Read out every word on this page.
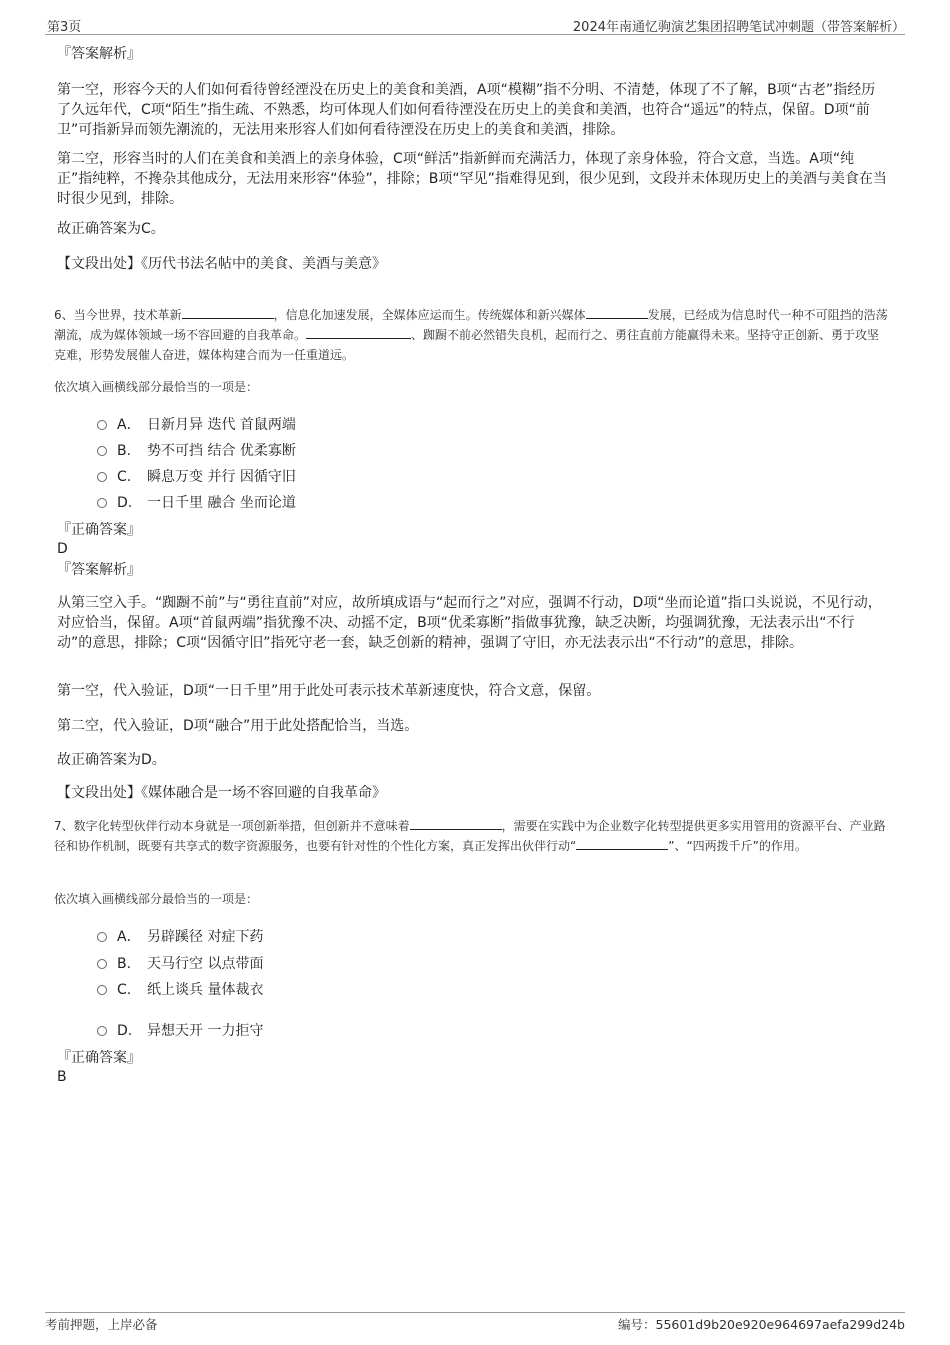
第3页	2024年南通忆驹演艺集团招聘笔试冲刺题（带答案解析）
『答案解析』
第一空，形容今天的人们如何看待曾经湮没在历史上的美食和美酒，A项“模糊”指不分明、不清楚，体现了不了解，B项“古老”指经历了久远年代，C项“陌生”指生疏、不熟悉，均可体现人们如何看待湮没在历史上的美食和美酒，也符合“遥远”的特点，保留。D项“前卫”可指新异而领先潮流的，无法用来形容人们如何看待湮没在历史上的美食和美酒，排除。
第二空，形容当时的人们在美食和美酒上的亲身体验，C项“鲜活”指新鲜而充满活力，体现了亲身体验，符合文意，当选。A项“纯正”指纯粹，不搀杂其他成分，无法用来形容“体验”，排除；B项“罕见”指难得见到，很少见到，文段并未体现历史上的美酒与美食在当时很少见到，排除。
故正确答案为C。
【文段出处】《历代书法名帖中的美食、美酒与美意》
6、当今世界，技术革新	，信息化加速发展，全媒体应运而生。传统媒体和新兴媒体	发展，已经成为信息时代一种不可阻挡的浩荡潮流，成为媒体领域一场不容回避的自我革命。	、踟蹰不前必然错失良机，起而行之、勇往直前方能赢得未来。坚持守正创新、勇于攻坚克难，形势发展催人奋进，媒体构建合而为一任重道远。
依次填入画横线部分最恰当的一项是：
A． 日新月异 迭代 首鼠两端
B. 势不可挡 结合 优柔寡断
C. 瞬息万变 并行 因循守旧
D. 一日千里 融合 坐而论道
『正确答案』
D
『答案解析』
从第三空入手。“踟蹰不前”与“勇往直前”对应，故所填成语与“起而行之”对应，强调不行动，D项“坐而论道”指口头说说，不见行动，对应恰当，保留。A项“首鼠两端”指犹豫不决、动摇不定，B项“优柔寡断”指做事犹豫，缺乏决断，均强调犹豫，无法表示出“不行动”的意思，排除；C项“因循守旧”指死守老一套，缺乏创新的精神，强调了守旧，亦无法表示出“不行动”的意思，排除。
第一空，代入验证，D项“一日千里”用于此处可表示技术革新速度快，符合文意，保留。
第二空，代入验证，D项“融合”用于此处搭配恰当，当选。
故正确答案为D。
【文段出处】《媒体融合是一场不容回避的自我革命》
7、数字化转型伙伴行动本身就是一项创新举措，但创新并不意味着	，需要在实践中为企业数字化转型提供更多实用管用的资源平台、产业路径和协作机制，既要有共享式的数字资源服务，也要有针对性的个性化方案，真正发挥出伙伴行动“	”、“四两拨千斤”的作用。
依次填入画横线部分最恰当的一项是：
A． 另辟蹊径 对症下药
B. 天马行空 以点带面
C. 纸上谈兵 量体裁衣
D. 异想天开 一力拒守
『正确答案』
B
考前押题，上岸必备	编号：55601d9b20e920e964697aefa299d24b
